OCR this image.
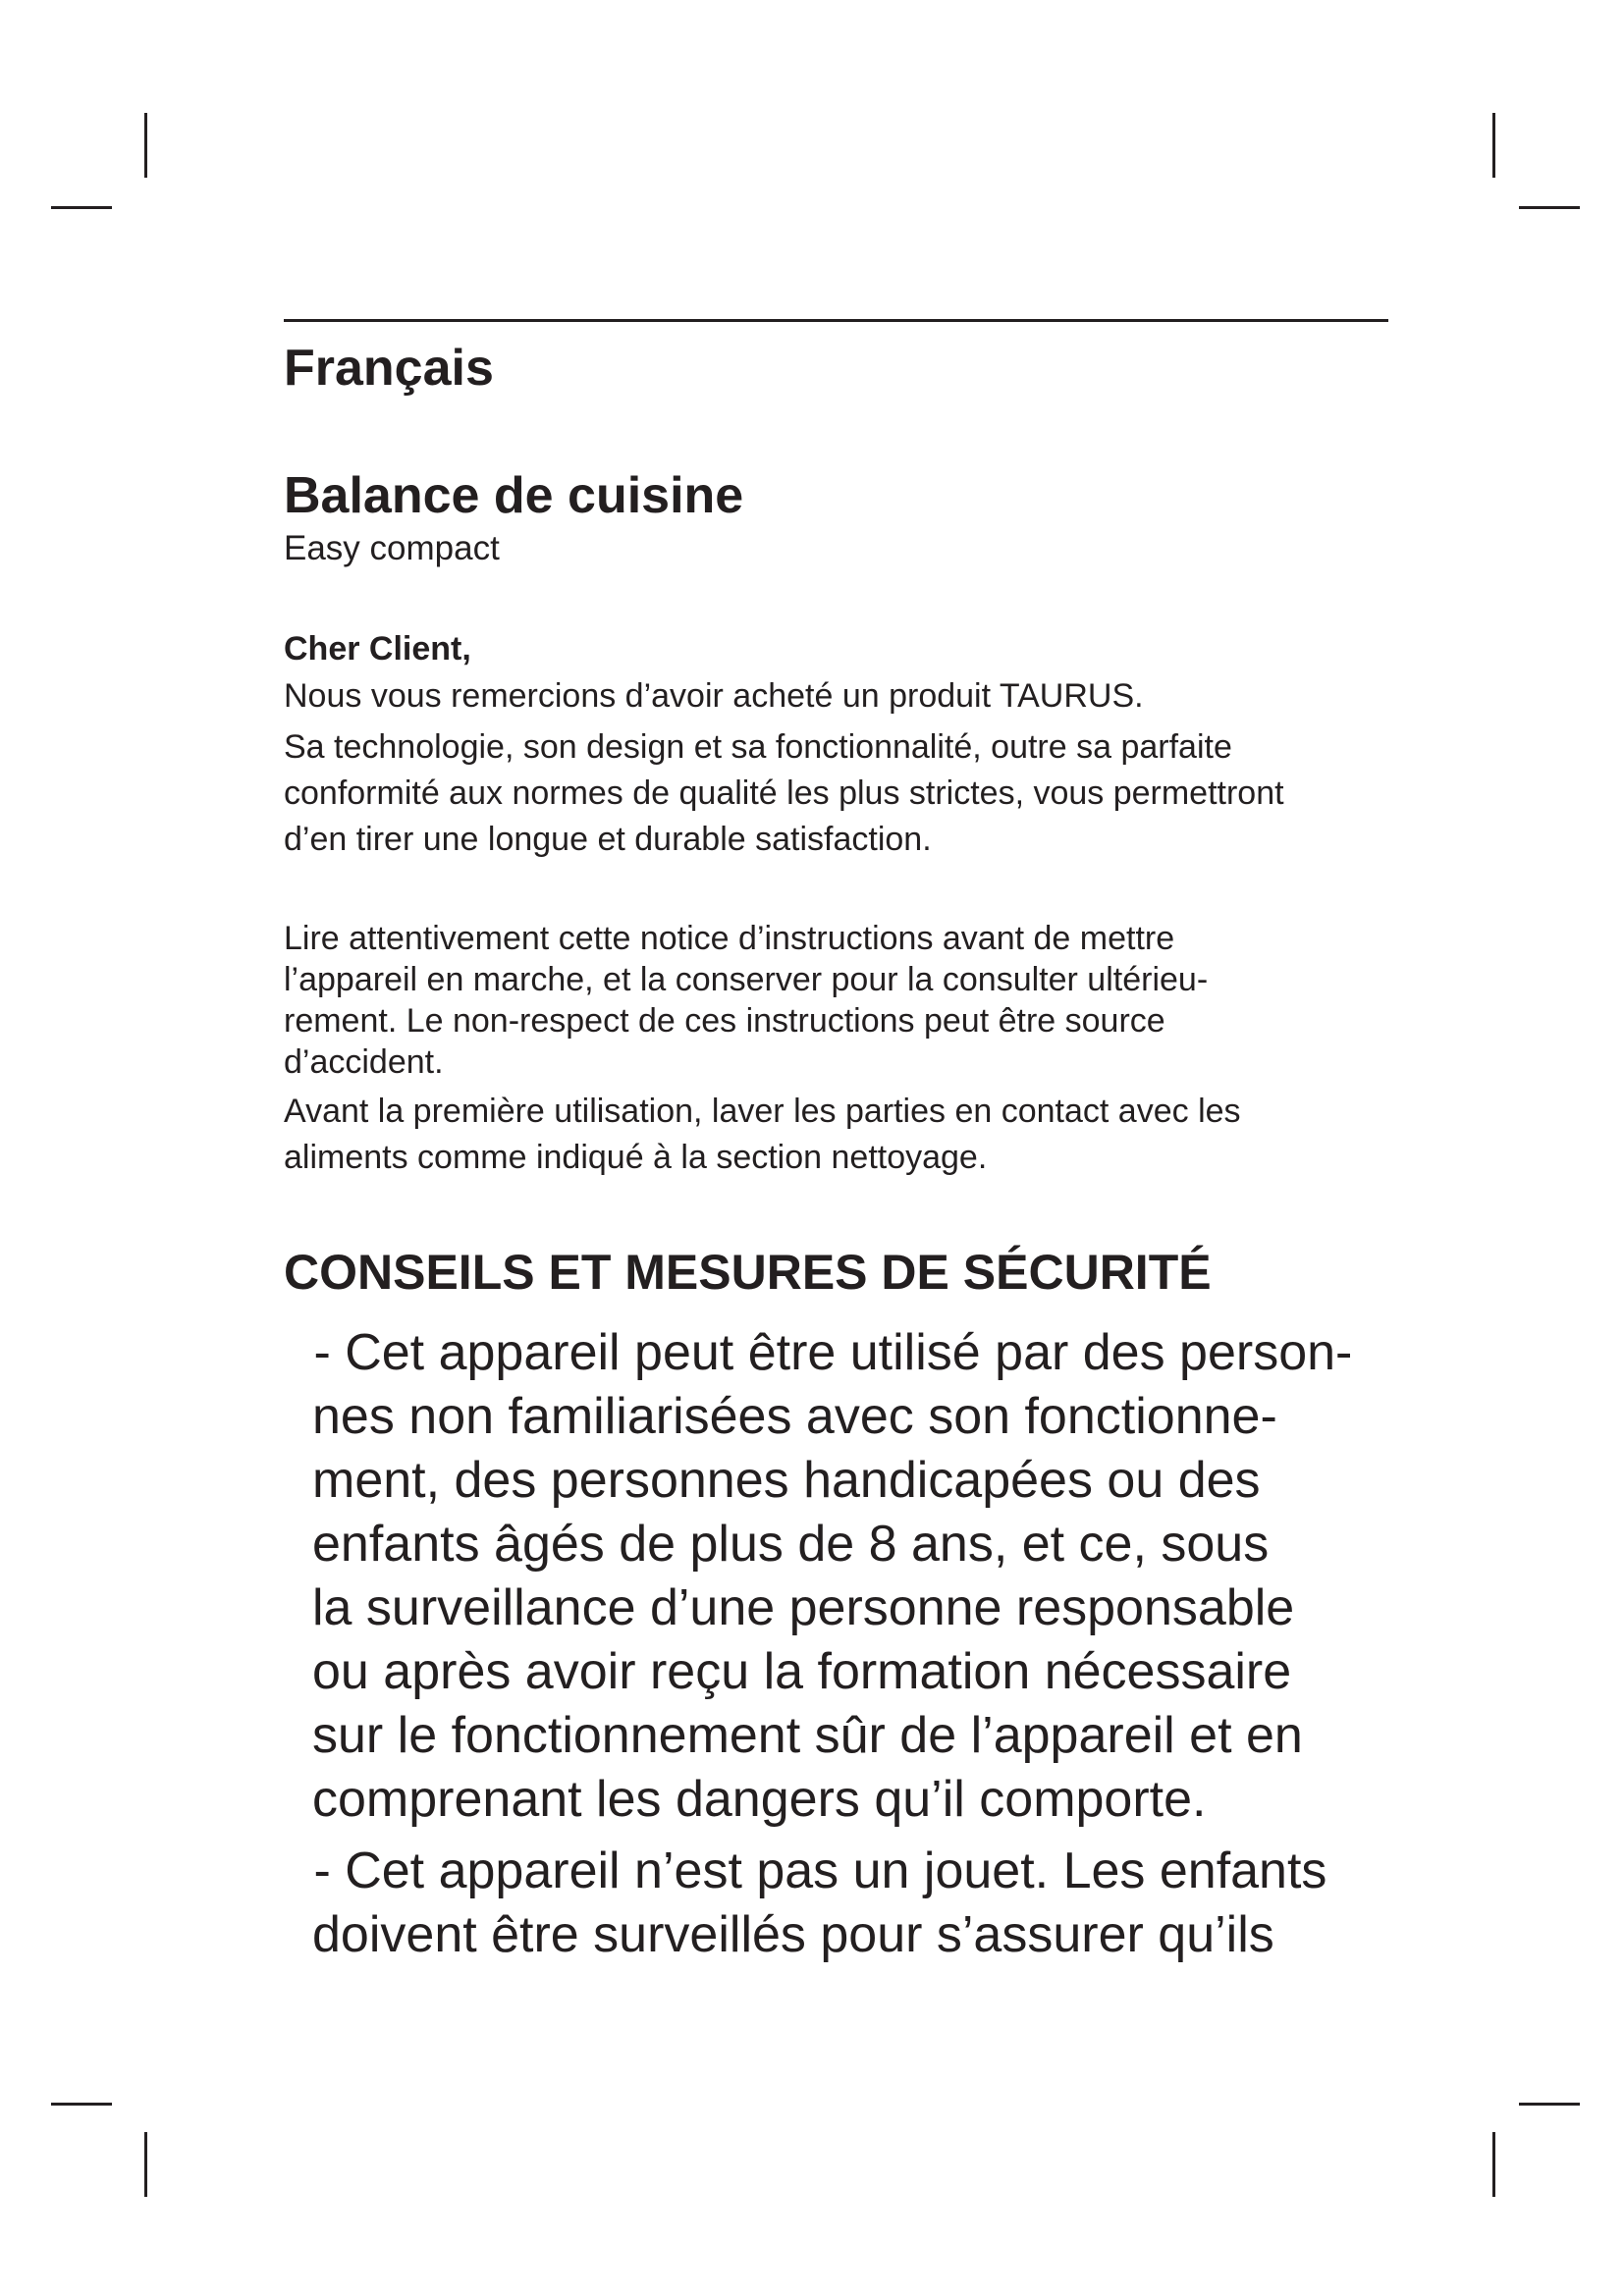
Français
Balance de cuisine

Easy compact

Cher Client,

Nous vous remercions d’avoir acheté un produit TAURUS.

Sa technologie, son design et sa fonctionnalité, outre sa parfaite

conformité aux normes de qualité les plus strictes, vous permettront

d’en tirer une longue et durable satisfaction.

Lire attentivement cette notice d’instructions avant de mettre

l’appareil en marche, et la conserver pour la consulter ultérieu-

rement. Le non-respect de ces instructions peut être source

d’accident.

Avant la première utilisation, laver les parties en contact avec les

aliments comme indiqué à la section nettoyage.

CONSEILS ET MESURES DE SÉCURITÉ

- Cet appareil peut être utilisé par des person-

nes non familiarisées avec son fonctionne-

ment, des personnes handicapées ou des

enfants âgés de plus de 8 ans, et ce, sous

la surveillance d’une personne responsable

ou après avoir reçu la formation nécessaire

sur le fonctionnement sûr de l’appareil et en

comprenant les dangers qu’il comporte.

- Cet appareil n’est pas un jouet. Les enfants

doivent être surveillés pour s’assurer qu’ils
